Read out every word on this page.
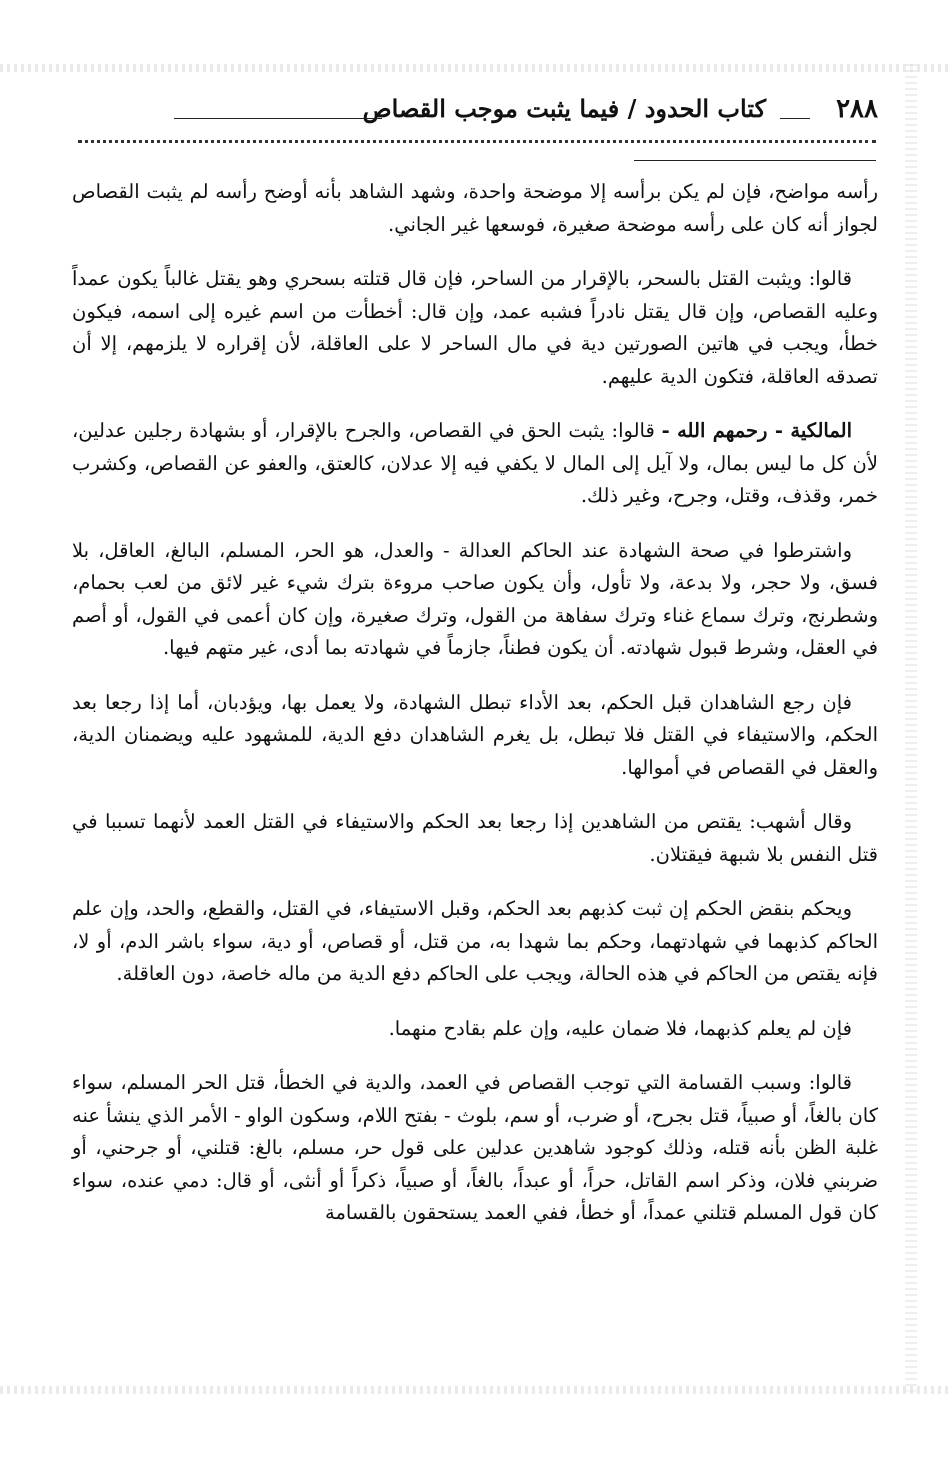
٢٨٨
كتاب الحدود / فيما يثبت موجب القصاص

رأسه مواضح، فإن لم يكن برأسه إلا موضحة واحدة، وشهد الشاهد بأنه أوضح رأسه لم يثبت القصاص لجواز أنه كان على رأسه موضحة صغيرة، فوسعها غير الجاني.

قالوا: ويثبت القتل بالسحر، بالإقرار من الساحر، فإن قال قتلته بسحري وهو يقتل غالباً يكون عمداً وعليه القصاص، وإن قال يقتل نادراً فشبه عمد، وإن قال: أخطأت من اسم غيره إلى اسمه، فيكون خطأ، ويجب في هاتين الصورتين دية في مال الساحر لا على العاقلة، لأن إقراره لا يلزمهم، إلا أن تصدقه العاقلة، فتكون الدية عليهم.

المالكية - رحمهم الله - قالوا: يثبت الحق في القصاص، والجرح بالإقرار، أو بشهادة رجلين عدلين، لأن كل ما ليس بمال، ولا آيل إلى المال لا يكفي فيه إلا عدلان، كالعتق، والعفو عن القصاص، وكشرب خمر، وقذف، وقتل، وجرح، وغير ذلك.

واشترطوا في صحة الشهادة عند الحاكم العدالة - والعدل، هو الحر، المسلم، البالغ، العاقل، بلا فسق، ولا حجر، ولا بدعة، ولا تأول، وأن يكون صاحب مروءة بترك شيء غير لائق من لعب بحمام، وشطرنج، وترك سماع غناء وترك سفاهة من القول، وترك صغيرة، وإن كان أعمى في القول، أو أصم في العقل، وشرط قبول شهادته. أن يكون فطناً، جازماً في شهادته بما أدى، غير متهم فيها.

فإن رجع الشاهدان قبل الحكم، بعد الأداء تبطل الشهادة، ولا يعمل بها، ويؤدبان، أما إذا رجعا بعد الحكم، والاستيفاء في القتل فلا تبطل، بل يغرم الشاهدان دفع الدية، للمشهود عليه ويضمنان الدية، والعقل في القصاص في أموالها.

وقال أشهب: يقتص من الشاهدين إذا رجعا بعد الحكم والاستيفاء في القتل العمد لأنهما تسببا في قتل النفس بلا شبهة فيقتلان.

ويحكم بنقض الحكم إن ثبت كذبهم بعد الحكم، وقبل الاستيفاء، في القتل، والقطع، والحد، وإن علم الحاكم كذبهما في شهادتهما، وحكم بما شهدا به، من قتل، أو قصاص، أو دية، سواء باشر الدم، أو لا، فإنه يقتص من الحاكم في هذه الحالة، ويجب على الحاكم دفع الدية من ماله خاصة، دون العاقلة.

فإن لم يعلم كذبهما، فلا ضمان عليه، وإن علم بقادح منهما.

قالوا: وسبب القسامة التي توجب القصاص في العمد، والدية في الخطأ، قتل الحر المسلم، سواء كان بالغاً، أو صبياً، قتل بجرح، أو ضرب، أو سم، بلوث - بفتح اللام، وسكون الواو - الأمر الذي ينشأ عنه غلبة الظن بأنه قتله، وذلك كوجود شاهدين عدلين على قول حر، مسلم، بالغ: قتلني، أو جرحني، أو ضربني فلان، وذكر اسم القاتل، حراً، أو عبداً، بالغاً، أو صبياً، ذكراً أو أنثى، أو قال: دمي عنده، سواء كان قول المسلم قتلني عمداً، أو خطأ، ففي العمد يستحقون بالقسامة
